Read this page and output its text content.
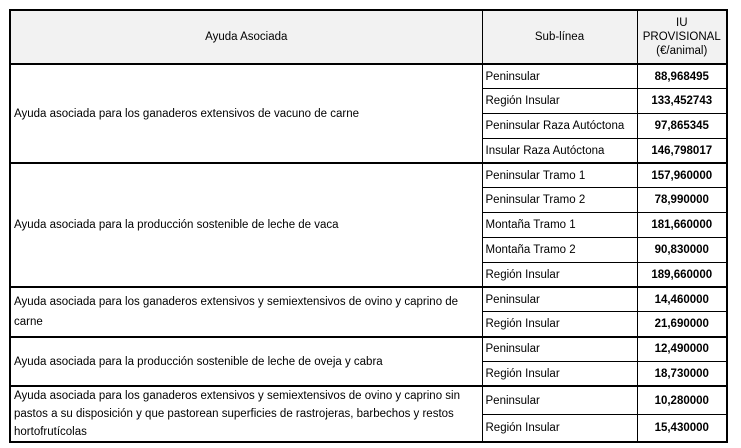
Ayuda Asociada	Sub-línea	IU
PROVISIONAL
(€/animal)

Ayuda asociada para los ganaderos extensivos de vacuno de carne	Peninsular	88,968495
	Región Insular	133,452743
	Peninsular Raza Autóctona	97,865345
	Insular Raza Autóctona	146,798017
Ayuda asociada para la producción sostenible de leche de vaca	Peninsular Tramo 1	157,960000
	Peninsular Tramo 2	78,990000
	Montaña Tramo 1	181,660000
	Montaña Tramo 2	90,830000
	Región Insular	189,660000
Ayuda asociada para los ganaderos extensivos y semiextensivos de ovino y caprino de carne	Peninsular	14,460000
	Región Insular	21,690000
Ayuda asociada para la producción sostenible de leche de oveja y cabra	Peninsular	12,490000
	Región Insular	18,730000
Ayuda asociada para los ganaderos extensivos y semiextensivos de ovino y caprino sin pastos a su disposición y que pastorean superficies de rastrojeras, barbechos y restos hortofrutícolas	Peninsular	10,280000
	Región Insular	15,430000
